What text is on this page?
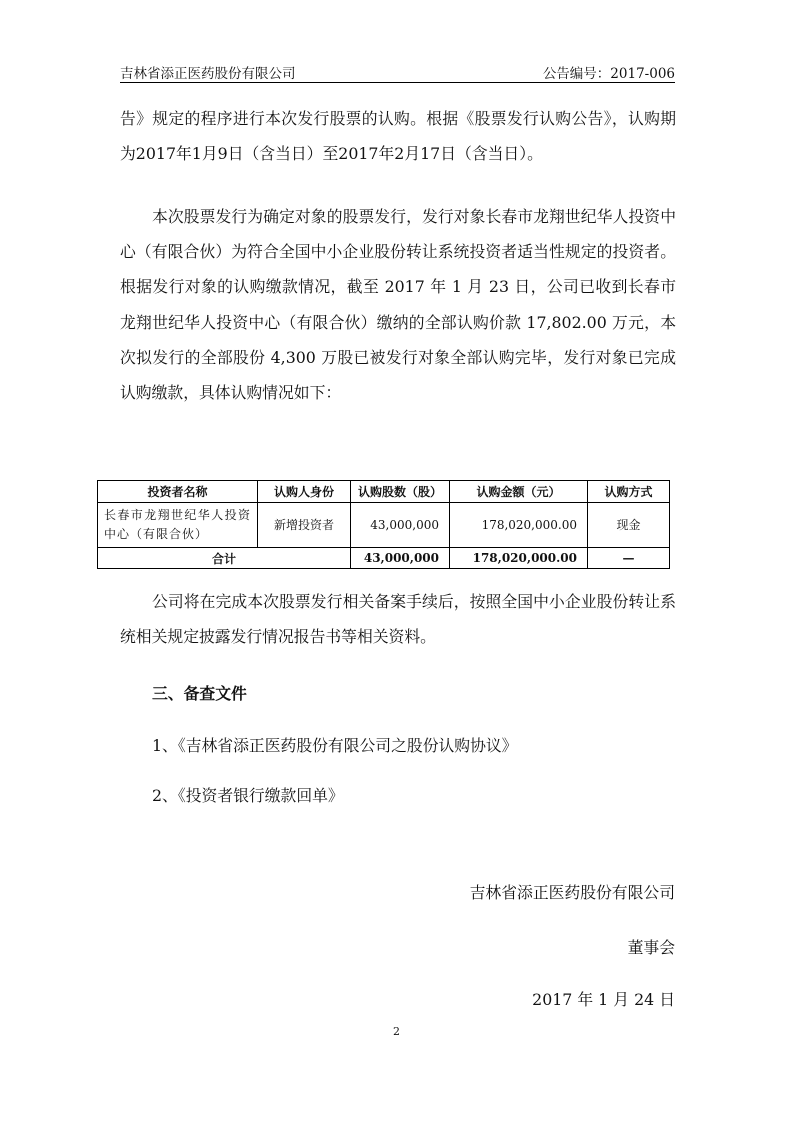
吉林省添正医药股份有限公司	公告编号：2017-006

告》规定的程序进行本次发行股票的认购。根据《股票发行认购公告》，认购期为2017年1月9日（含当日）至2017年2月17日（含当日）。

本次股票发行为确定对象的股票发行，发行对象长春市龙翔世纪华人投资中心（有限合伙）为符合全国中小企业股份转让系统投资者适当性规定的投资者。根据发行对象的认购缴款情况，截至 2017 年 1 月 23 日，公司已收到长春市龙翔世纪华人投资中心（有限合伙）缴纳的全部认购价款 17,802.00 万元，本次拟发行的全部股份 4,300 万股已被发行对象全部认购完毕，发行对象已完成认购缴款，具体认购情况如下：

投资者名称	认购人身份	认购股数（股）	认购金额（元）	认购方式
长春市龙翔世纪华人投资中心（有限合伙）	新增投资者	43,000,000	178,020,000.00	现金
合计		43,000,000	178,020,000.00	—

公司将在完成本次股票发行相关备案手续后，按照全国中小企业股份转让系统相关规定披露发行情况报告书等相关资料。

三、备查文件

1、《吉林省添正医药股份有限公司之股份认购协议》

2、《投资者银行缴款回单》

吉林省添正医药股份有限公司
董事会
2017 年 1 月 24 日
2
